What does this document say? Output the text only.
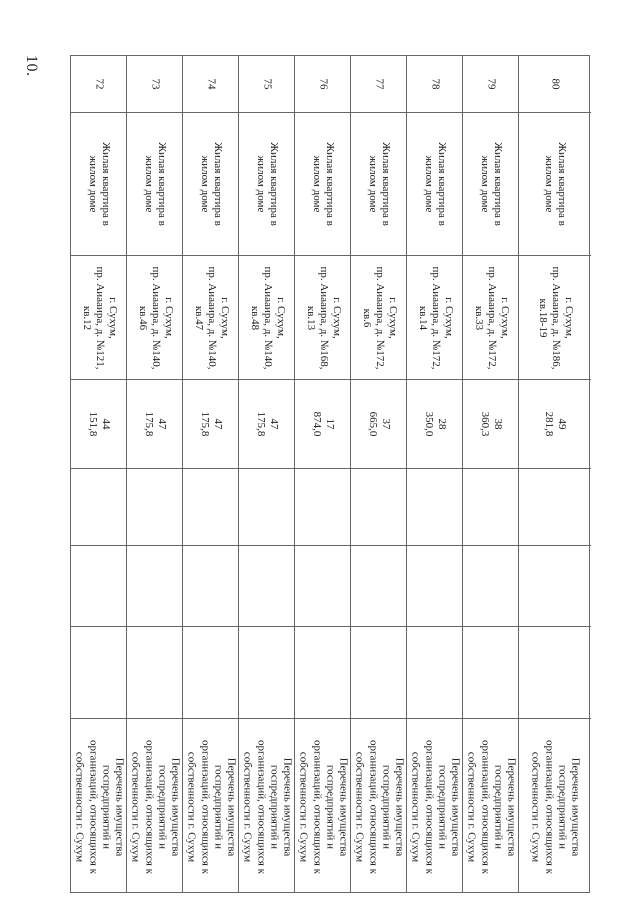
10.
72
Жилая квартира в
жилом доме
г. Сухум,
пр. Аиааира, д. №121,
кв.12
44 151,8
Перечень имущества
госпредприятий и
организаций, относящихся к
собственности г. Сухум
73
Жилая квартира в
жилом доме
г. Сухум,
пр. Аиааира, д. №140,
кв.46
47 175,8
Перечень имущества
госпредприятий и
организаций, относящихся к
собственности г. Сухум
74
Жилая квартира в
жилом доме
г. Сухум,
пр. Аиааира, д. №140,
кв.47
47 175,8
Перечень имущества
госпредприятий и
организаций, относящихся к
собственности г. Сухум
75
Жилая квартира в
жилом доме
г. Сухум,
пр. Аиааира, д. №140,
кв.48
47 175,8
Перечень имущества
госпредприятий и
организаций, относящихся к
собственности г. Сухум
76
Жилая квартира в
жилом доме
г. Сухум,
пр. Аиааира, д. №168,
кв.13
17 874,0
Перечень имущества
госпредприятий и
организаций, относящихся к
собственности г. Сухум
77
Жилая квартира в
жилом доме
г. Сухум,
пр. Аиааира, д. №172,
кв.6
37 665,0
Перечень имущества
госпредприятий и
организаций, относящихся к
собственности г. Сухум
78
Жилая квартира в
жилом доме
г. Сухум,
пр. Аиааира, д. №172,
кв.14
28 350,0
Перечень имущества
госпредприятий и
организаций, относящихся к
собственности г. Сухум
79
Жилая квартира в
жилом доме
г. Сухум,
пр. Аиааира, д. №172,
кв.33
38 360,3
Перечень имущества
госпредприятий и
организаций, относящихся к
собственности г. Сухум
80
Жилая квартира в
жилом доме
г. Сухум,
пр. Аиааира, д. №186,
кв.18-19
49 281,8
Перечень имущества
госпредприятий и
организаций, относящихся к
собственности г. Сухум
